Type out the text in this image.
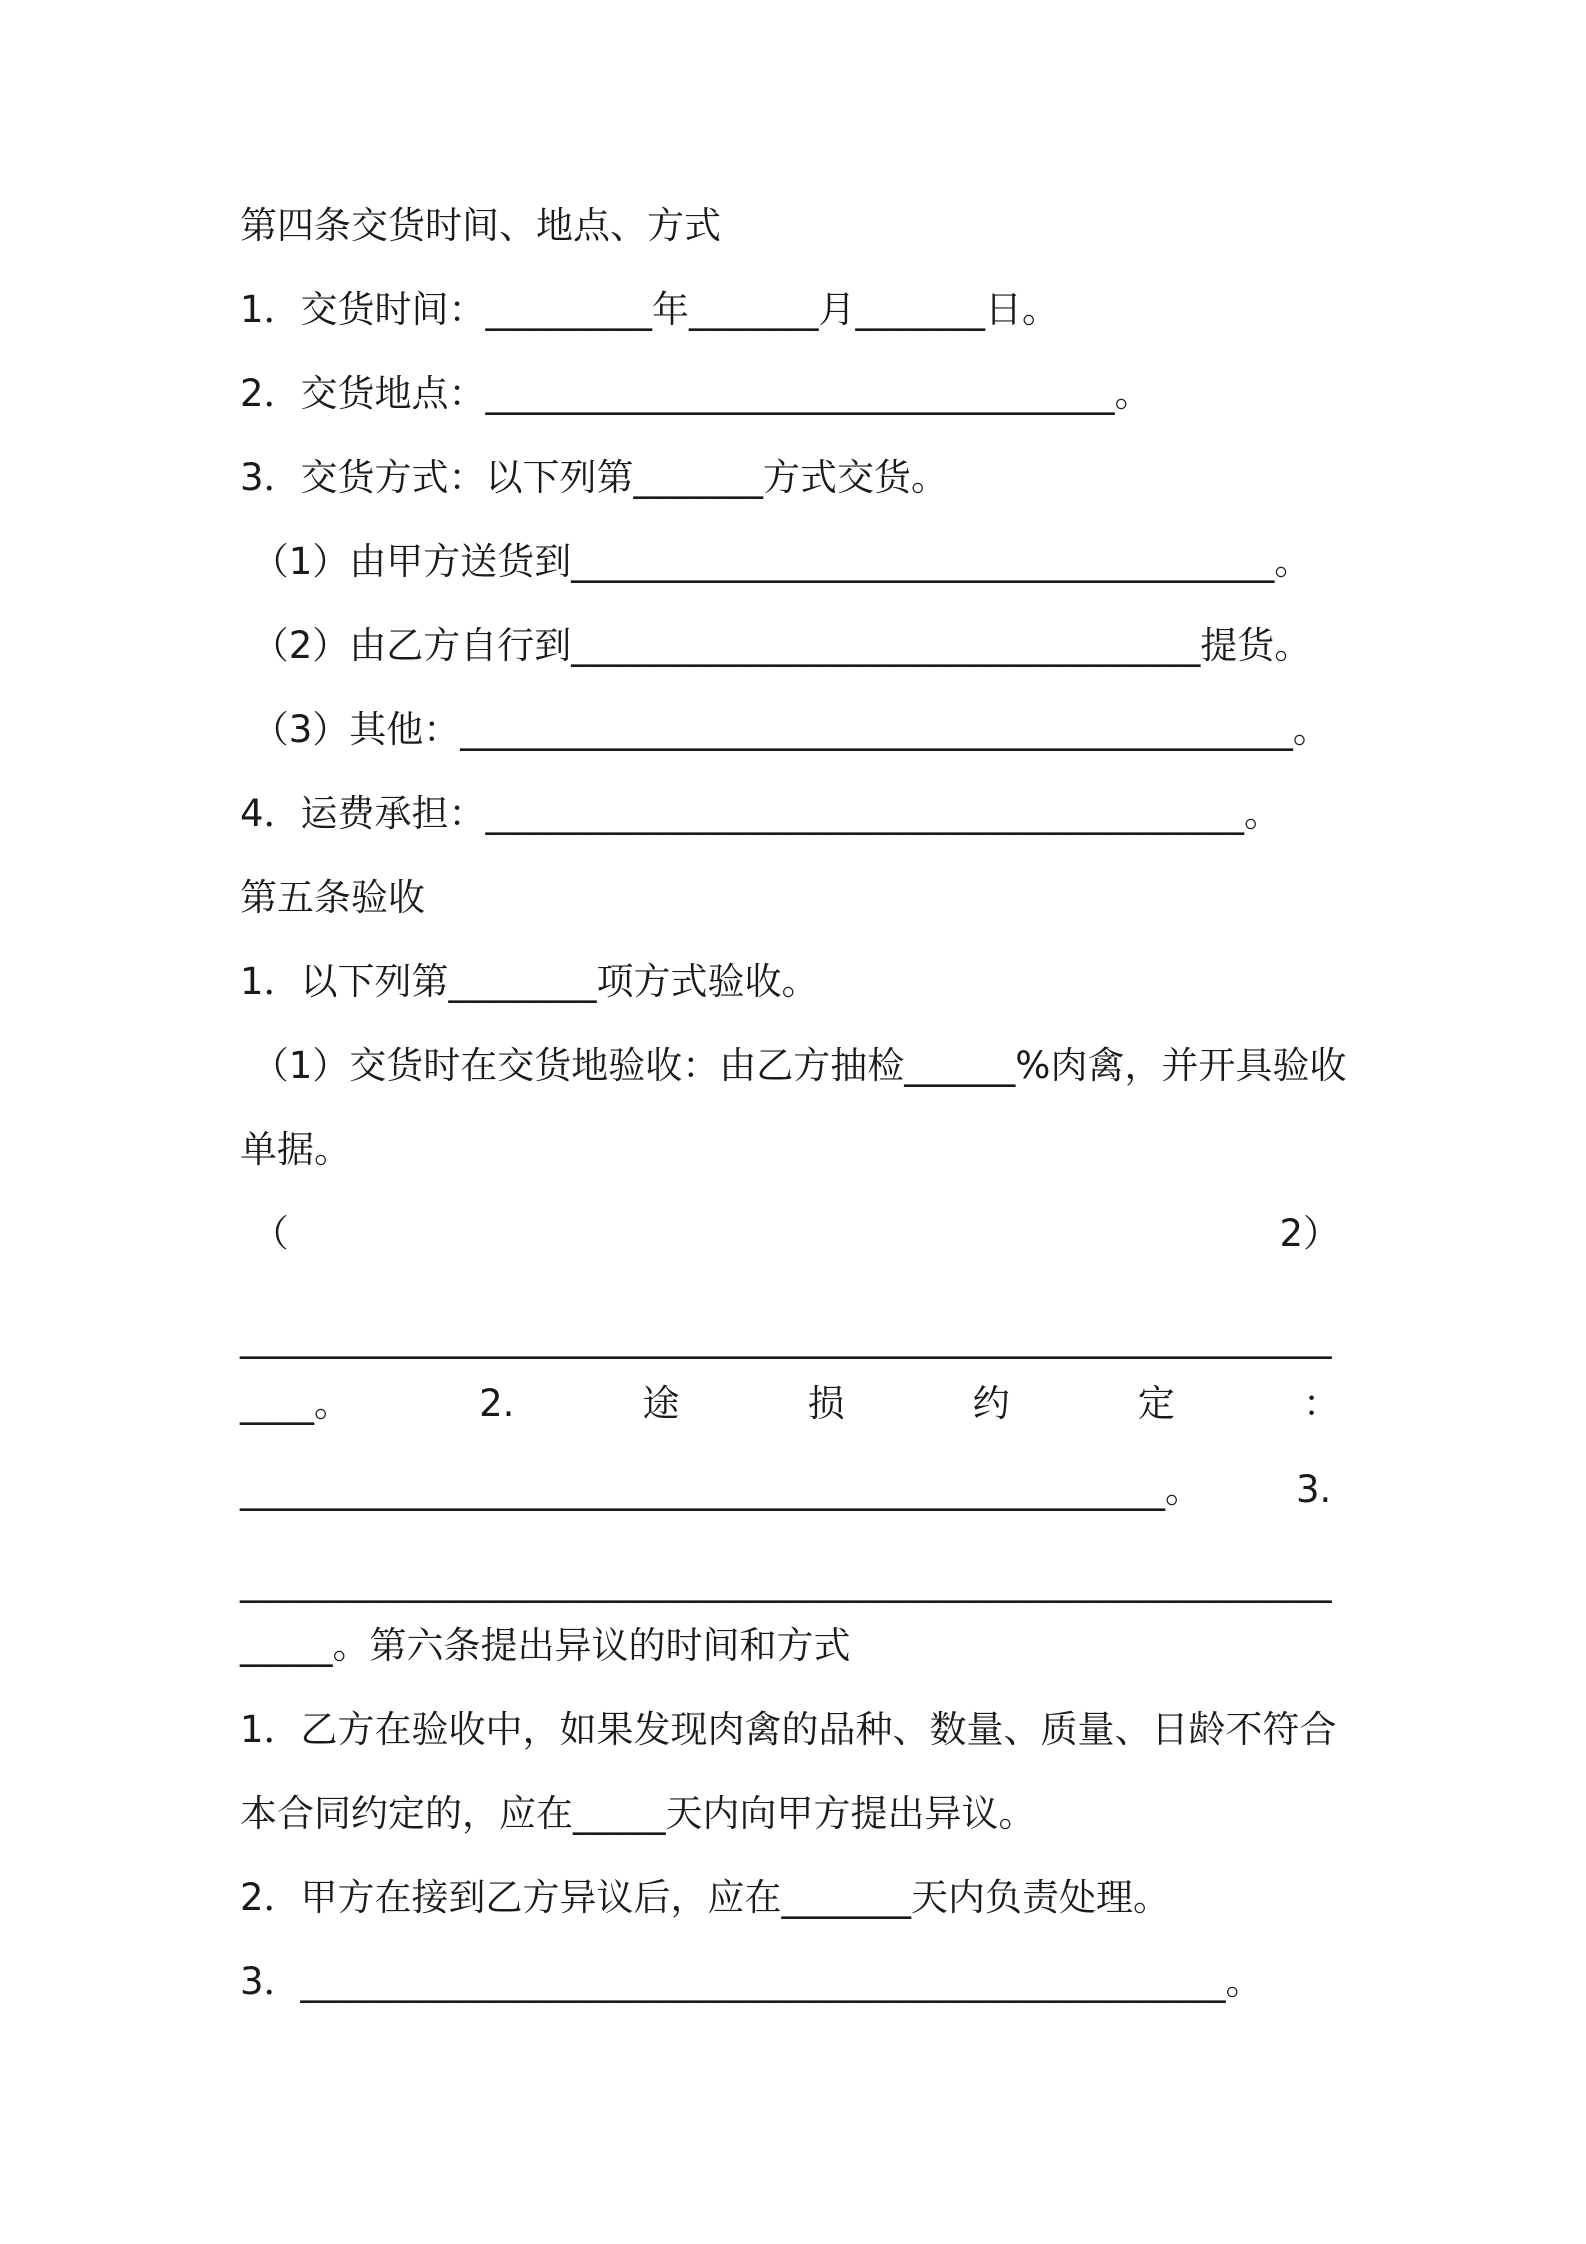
第四条交货时间、地点、方式
1．交货时间：_________年_______月_______日。
2．交货地点：__________________________________。
3．交货方式：以下列第_______方式交货。
（1）由甲方送货到______________________________________。
（2）由乙方自行到__________________________________提货。
（3）其他：_____________________________________________。
4．运费承担：_________________________________________。
第五条验收
1．以下列第________项方式验收。
（1）交货时在交货地验收：由乙方抽检______%肉禽，并开具验收
单据。
（	2）
___________________________________________________________
____。	2.	途	损	约	定	：
__________________________________________________。	3.
___________________________________________________________
_____。第六条提出异议的时间和方式
1．乙方在验收中，如果发现肉禽的品种、数量、质量、日龄不符合
本合同约定的，应在_____天内向甲方提出异议。
2．甲方在接到乙方异议后，应在_______天内负责处理。
3．__________________________________________________。
